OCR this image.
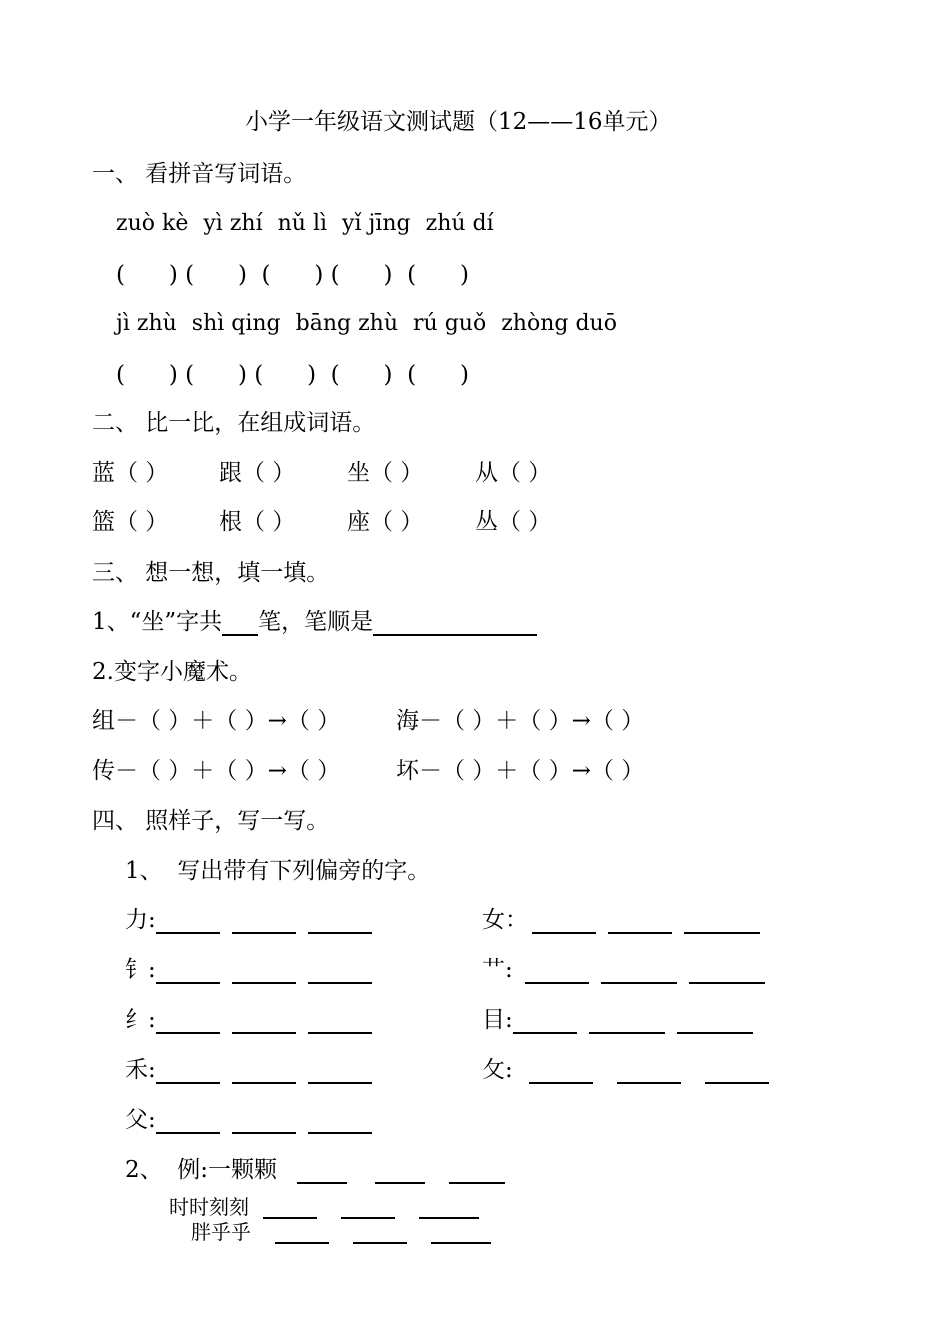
小学一年级语文测试题（12——16单元）
一、 看拼音写词语。
zuò kè yì zhí nǔ lì yǐ jīng zhú dí
(      ) (      )  (      ) (      )  (      )
jì zhù shì qing bāng zhù rú guǒ zhòng duō
(      ) (      ) (      )  (      )  (      )
二、 比一比，在组成词语。
蓝（ ） 跟（ ） 坐（ ） 从（ ）
篮（ ） 根（ ） 座（ ） 丛（ ）
三、 想一想，填一填。
1、“坐”字共 笔，笔顺是
2.变字小魔术。
组－（ ）＋（ ）→（ ） 海－（ ）＋（ ）→（ ）
传－（ ）＋（ ）→（ ） 坏－（ ）＋（ ）→（ ）
四、 照样子，写一写。
1、  写出带有下列偏旁的字。
力:
钅:
纟:
禾:
父:
女：
艹:
目:
攵:
2、  例:一颗颗
时时刻刻
胖乎乎
